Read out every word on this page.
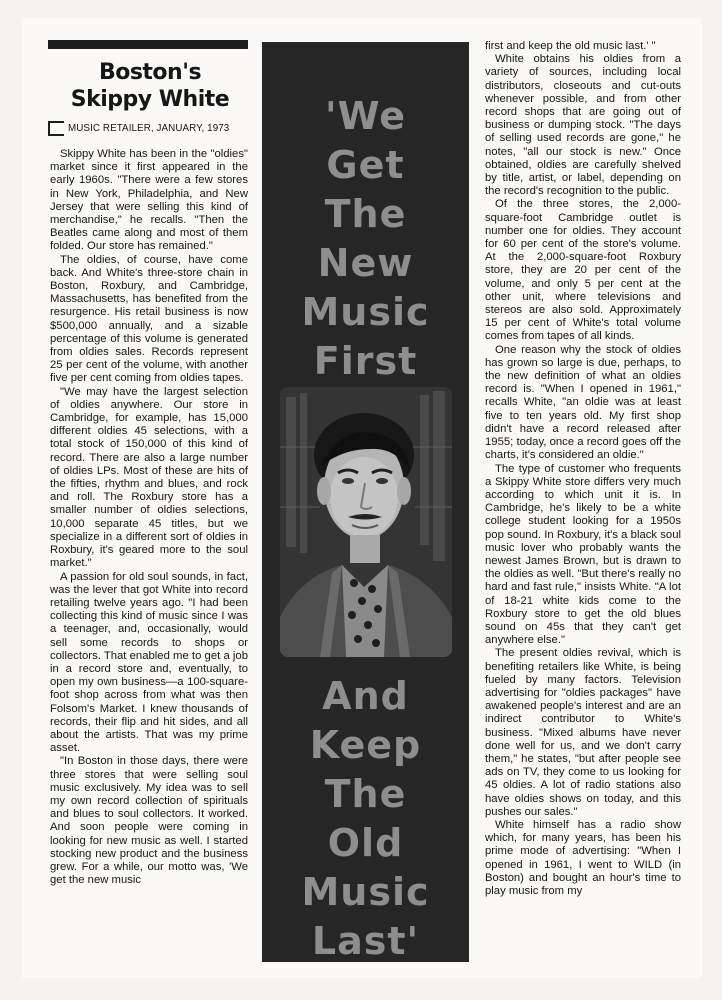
Boston's
Skippy White
MUSIC RETAILER, JANUARY, 1973

Skippy White has been in the "oldies" market since it first appeared in the early 1960s. "There were a few stores in New York, Philadelphia, and New Jersey that were selling this kind of merchandise," he recalls. "Then the Beatles came along and most of them folded. Our store has remained."

The oldies, of course, have come back. And White's three-store chain in Boston, Roxbury, and Cambridge, Massachusetts, has benefited from the resurgence. His retail business is now $500,000 annually, and a sizable percentage of this volume is generated from oldies sales. Records represent 25 per cent of the volume, with another five per cent coming from oldies tapes.

"We may have the largest selection of oldies anywhere. Our store in Cambridge, for example, has 15,000 different oldies 45 selections, with a total stock of 150,000 of this kind of record. There are also a large number of oldies LPs. Most of these are hits of the fifties, rhythm and blues, and rock and roll. The Roxbury store has a smaller number of oldies selections, 10,000 separate 45 titles, but we specialize in a different sort of oldies in Roxbury, it's geared more to the soul market."

A passion for old soul sounds, in fact, was the lever that got White into record retailing twelve years ago. "I had been collecting this kind of music since I was a teenager, and, occasionally, would sell some records to shops or collectors. That enabled me to get a job in a record store and, eventually, to open my own business—a 100-square-foot shop across from what was then Folsom's Market. I knew thousands of records, their flip and hit sides, and all about the artists. That was my prime asset.

"In Boston in those days, there were three stores that were selling soul music exclusively. My idea was to sell my own record collection of spirituals and blues to soul collectors. It worked. And soon people were coming in looking for new music as well. I started stocking new product and the business grew. For a while, our motto was, 'We get the new music

'We
Get
The
New
Music
First
And
Keep
The
Old
Music
Last'

first and keep the old music last.' "

White obtains his oldies from a variety of sources, including local distributors, closeouts and cut-outs whenever possible, and from other record shops that are going out of business or dumping stock. "The days of selling used records are gone," he notes, "all our stock is new." Once obtained, oldies are carefully shelved by title, artist, or label, depending on the record's recognition to the public.

Of the three stores, the 2,000-square-foot Cambridge outlet is number one for oldies. They account for 60 per cent of the store's volume. At the 2,000-square-foot Roxbury store, they are 20 per cent of the volume, and only 5 per cent at the other unit, where televisions and stereos are also sold. Approximately 15 per cent of White's total volume comes from tapes of all kinds.

One reason why the stock of oldies has grown so large is due, perhaps, to the new definition of what an oldies record is. "When I opened in 1961," recalls White, "an oldie was at least five to ten years old. My first shop didn't have a record released after 1955; today, once a record goes off the charts, it's considered an oldie."

The type of customer who frequents a Skippy White store differs very much according to which unit it is. In Cambridge, he's likely to be a white college student looking for a 1950s pop sound. In Roxbury, it's a black soul music lover who probably wants the newest James Brown, but is drawn to the oldies as well. "But there's really no hard and fast rule," insists White. "A lot of 18-21 white kids come to the Roxbury store to get the old blues sound on 45s that they can't get anywhere else."

The present oldies revival, which is benefiting retailers like White, is being fueled by many factors. Television advertising for "oldies packages" have awakened people's interest and are an indirect contributor to White's business. "Mixed albums have never done well for us, and we don't carry them," he states, "but after people see ads on TV, they come to us looking for 45 oldies. A lot of radio stations also have oldies shows on today, and this pushes our sales."

White himself has a radio show which, for many years, has been his prime mode of advertising: "When I opened in 1961, I went to WILD (in Boston) and bought an hour's time to play music from my
